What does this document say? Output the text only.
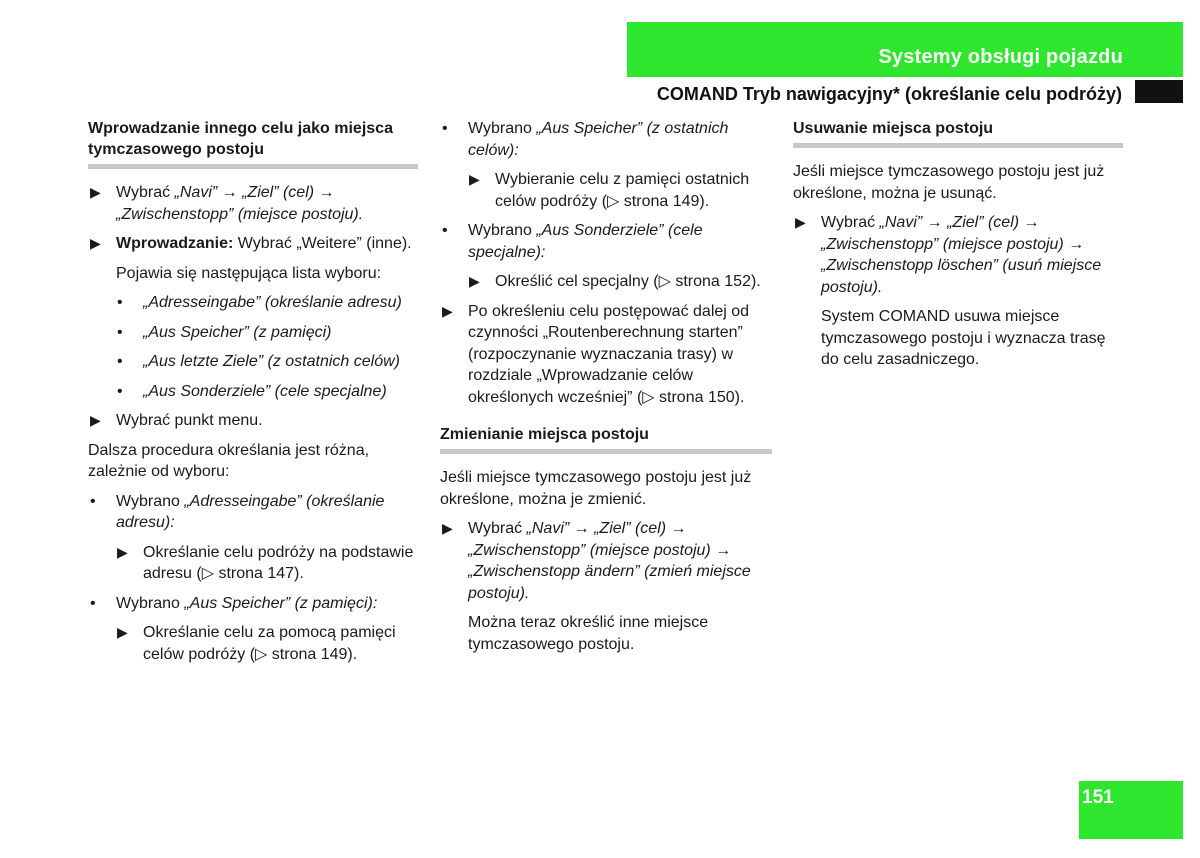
Systemy obsługi pojazdu
COMAND Tryb nawigacyjny* (określanie celu podróży)
Wprowadzanie innego celu jako miejsca tymczasowego postoju
▶ Wybrać „Navi” → „Ziel” (cel) → „Zwischenstopp” (miejsce postoju).
▶ Wprowadzanie: Wybrać „Weitere” (inne).

Pojawia się następująca lista wyboru:

• „Adresseingabe” (określanie adresu)
• „Aus Speicher” (z pamięci)
• „Aus letzte Ziele” (z ostatnich celów)
• „Aus Sonderziele” (cele specjalne)
▶ Wybrać punkt menu.

Dalsza procedura określania jest różna, zależnie od wyboru:

• Wybrano „Adresseingabe” (określanie adresu):
▶ Określanie celu podróży na podstawie adresu (▷ strona 147).
• Wybrano „Aus Speicher” (z pamięci):
▶ Określanie celu za pomocą pamięci celów podróży (▷ strona 149).
• Wybrano „Aus Speicher” (z ostatnich celów):
▶ Wybieranie celu z pamięci ostatnich celów podróży (▷ strona 149).
• Wybrano „Aus Sonderziele” (cele specjalne):
▶ Określić cel specjalny (▷ strona 152).
▶ Po określeniu celu postępować dalej od czynności „Routenberechnung starten” (rozpoczynanie wyznaczania trasy) w rozdziale „Wprowadzanie celów określonych wcześniej” (▷ strona 150).
Zmienianie miejsca postoju

Jeśli miejsce tymczasowego postoju jest już określone, można je zmienić.

▶ Wybrać „Navi” → „Ziel” (cel) → „Zwischenstopp” (miejsce postoju) → „Zwischenstopp ändern” (zmień miejsce postoju).

Można teraz określić inne miejsce tymczasowego postoju.

Usuwanie miejsca postoju

Jeśli miejsce tymczasowego postoju jest już określone, można je usunąć.

▶ Wybrać „Navi” → „Ziel” (cel) → „Zwischenstopp” (miejsce postoju) → „Zwischenstopp löschen” (usuń miejsce postoju).

System COMAND usuwa miejsce tymczasowego postoju i wyznacza trasę do celu zasadniczego.

151
